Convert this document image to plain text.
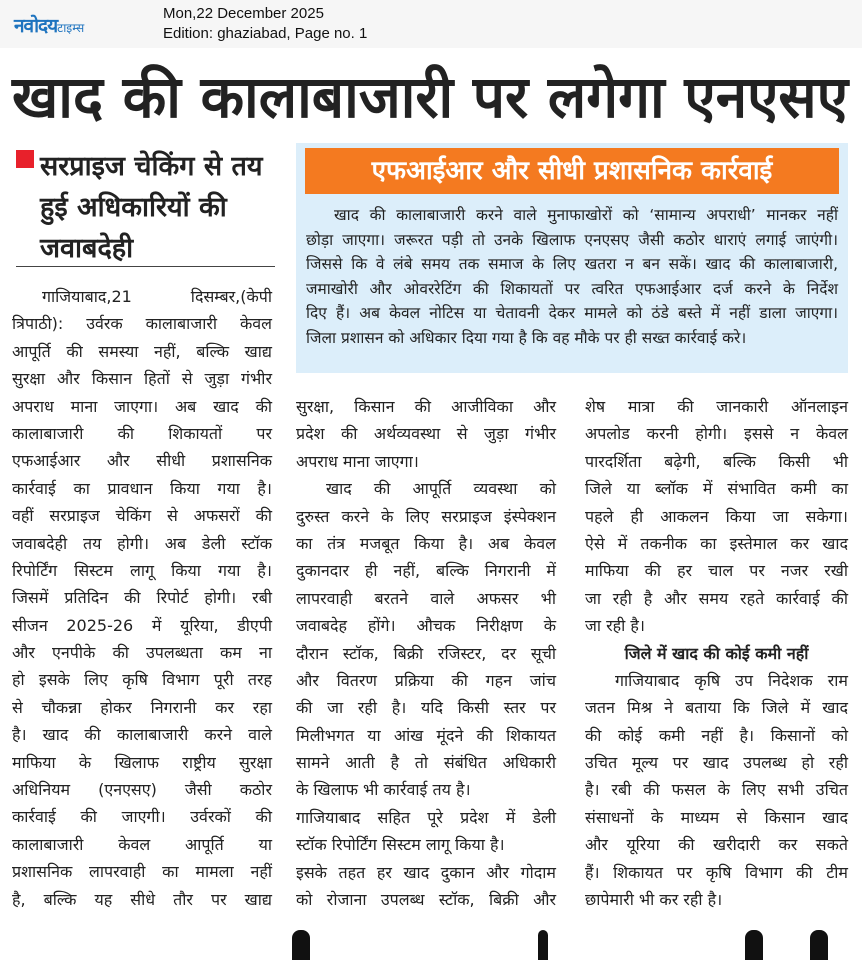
नवोदयटाइम्स
Mon,22 December 2025
Edition: ghaziabad, Page no. 1
खाद की कालाबाजारी पर लगेगा एनएसए
सरप्राइज चेकिंग से तय हुई अधिकारियों की जवाबदेही
एफआईआर और सीधी प्रशासनिक कार्रवाई
खाद की कालाबाजारी करने वाले मुनाफाखोरों को ‘सामान्य अपराधी’ मानकर नहीं
छोड़ा जाएगा। जरूरत पड़ी तो उनके खिलाफ एनएसए जैसी कठोर धाराएं लगाई जाएंगी।
जिससे कि वे लंबे समय तक समाज के लिए खतरा न बन सकें। खाद की कालाबाजारी,
जमाखोरी और ओवररेटिंग की शिकायतों पर त्वरित एफआईआर दर्ज करने के निर्देश
दिए हैं। अब केवल नोटिस या चेतावनी देकर मामले को ठंडे बस्ते में नहीं डाला जाएगा।
जिला प्रशासन को अधिकार दिया गया है कि वह मौके पर ही सख्त कार्रवाई करे।
गाजियाबाद,21 दिसम्बर,(केपी
त्रिपाठी): उर्वरक कालाबाजारी केवल
आपूर्ति की समस्या नहीं, बल्कि खाद्य
सुरक्षा और किसान हितों से जुड़ा गंभीर
अपराध माना जाएगा। अब खाद की
कालाबाजारी की शिकायतों पर
एफआईआर और सीधी प्रशासनिक
कार्रवाई का प्रावधान किया गया है।
वहीं सरप्राइज चेकिंग से अफसरों की
जवाबदेही तय होगी। अब डेली स्टॉक
रिपोर्टिंग सिस्टम लागू किया गया है।
जिसमें प्रतिदिन की रिपोर्ट होगी। रबी
सीजन 2025-26 में यूरिया, डीएपी
और एनपीके की उपलब्धता कम ना
हो इसके लिए कृषि विभाग पूरी तरह
से चौकन्ना होकर निगरानी कर रहा
है। खाद की कालाबाजारी करने वाले
माफिया के खिलाफ राष्ट्रीय सुरक्षा
अधिनियम (एनएसए) जैसी कठोर
कार्रवाई की जाएगी। उर्वरकों की
कालाबाजारी केवल आपूर्ति या
प्रशासनिक लापरवाही का मामला नहीं
है, बल्कि यह सीधे तौर पर खाद्य
सुरक्षा, किसान की आजीविका और
प्रदेश की अर्थव्यवस्था से जुड़ा गंभीर
अपराध माना जाएगा।
खाद की आपूर्ति व्यवस्था को
दुरुस्त करने के लिए सरप्राइज इंस्पेक्शन
का तंत्र मजबूत किया है। अब केवल
दुकानदार ही नहीं, बल्कि निगरानी में
लापरवाही बरतने वाले अफसर भी
जवाबदेह होंगे। औचक निरीक्षण के
दौरान स्टॉक, बिक्री रजिस्टर, दर सूची
और वितरण प्रक्रिया की गहन जांच
की जा रही है। यदि किसी स्तर पर
मिलीभगत या आंख मूंदने की शिकायत
सामने आती है तो संबंधित अधिकारी
के खिलाफ भी कार्रवाई तय है।
गाजियाबाद सहित पूरे प्रदेश में डेली
स्टॉक रिपोर्टिंग सिस्टम लागू किया है।
इसके तहत हर खाद दुकान और गोदाम
को रोजाना उपलब्ध स्टॉक, बिक्री और
शेष मात्रा की जानकारी ऑनलाइन
अपलोड करनी होगी। इससे न केवल
पारदर्शिता बढ़ेगी, बल्कि किसी भी
जिले या ब्लॉक में संभावित कमी का
पहले ही आकलन किया जा सकेगा।
ऐसे में तकनीक का इस्तेमाल कर खाद
माफिया की हर चाल पर नजर रखी
जा रही है और समय रहते कार्रवाई की
जा रही है।
जिले में खाद की कोई कमी नहीं
गाजियाबाद कृषि उप निदेशक राम
जतन मिश्र ने बताया कि जिले में खाद
की कोई कमी नहीं है। किसानों को
उचित मूल्य पर खाद उपलब्ध हो रही
है। रबी की फसल के लिए सभी उचित
संसाधनों के माध्यम से किसान खाद
और यूरिया की खरीदारी कर सकते
हैं। शिकायत पर कृषि विभाग की टीम
छापेमारी भी कर रही है।
